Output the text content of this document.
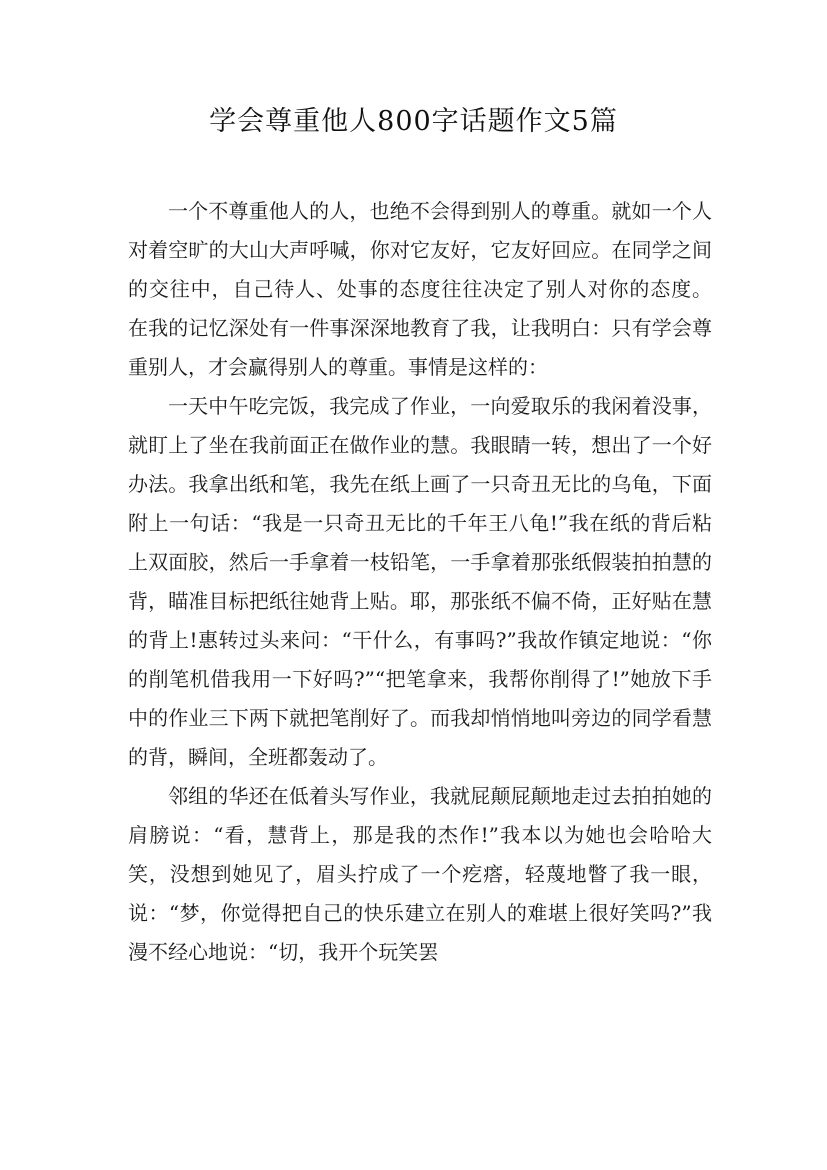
学会尊重他人800字话题作文5篇

一个不尊重他人的人，也绝不会得到别人的尊重。就如一个人对着空旷的大山大声呼喊，你对它友好，它友好回应。在同学之间的交往中，自己待人、处事的态度往往决定了别人对你的态度。 在我的记忆深处有一件事深深地教育了我，让我明白：只有学会尊重别人，才会赢得别人的尊重。事情是这样的：

一天中午吃完饭，我完成了作业，一向爱取乐的我闲着没事，就盯上了坐在我前面正在做作业的慧。我眼睛一转，想出了一个好办法。我拿出纸和笔，我先在纸上画了一只奇丑无比的乌龟，下面附上一句话：“我是一只奇丑无比的千年王八龟!”我在纸的背后粘上双面胶，然后一手拿着一枝铅笔，一手拿着那张纸假装拍拍慧的背，瞄准目标把纸往她背上贴。耶，那张纸不偏不倚，正好贴在慧的背上!惠转过头来问：“干什么，有事吗?”我故作镇定地说：“你的削笔机借我用一下好吗?”“把笔拿来，我帮你削得了!”她放下手中的作业三下两下就把笔削好了。而我却悄悄地叫旁边的同学看慧的背，瞬间，全班都轰动了。

邻组的华还在低着头写作业，我就屁颠屁颠地走过去拍拍她的肩膀说：“看，慧背上，那是我的杰作!”我本以为她也会哈哈大笑，没想到她见了，眉头拧成了一个疙瘩，轻蔑地瞥了我一眼，说：“梦，你觉得把自己的快乐建立在别人的难堪上很好笑吗?”我漫不经心地说：“切，我开个玩笑罢
